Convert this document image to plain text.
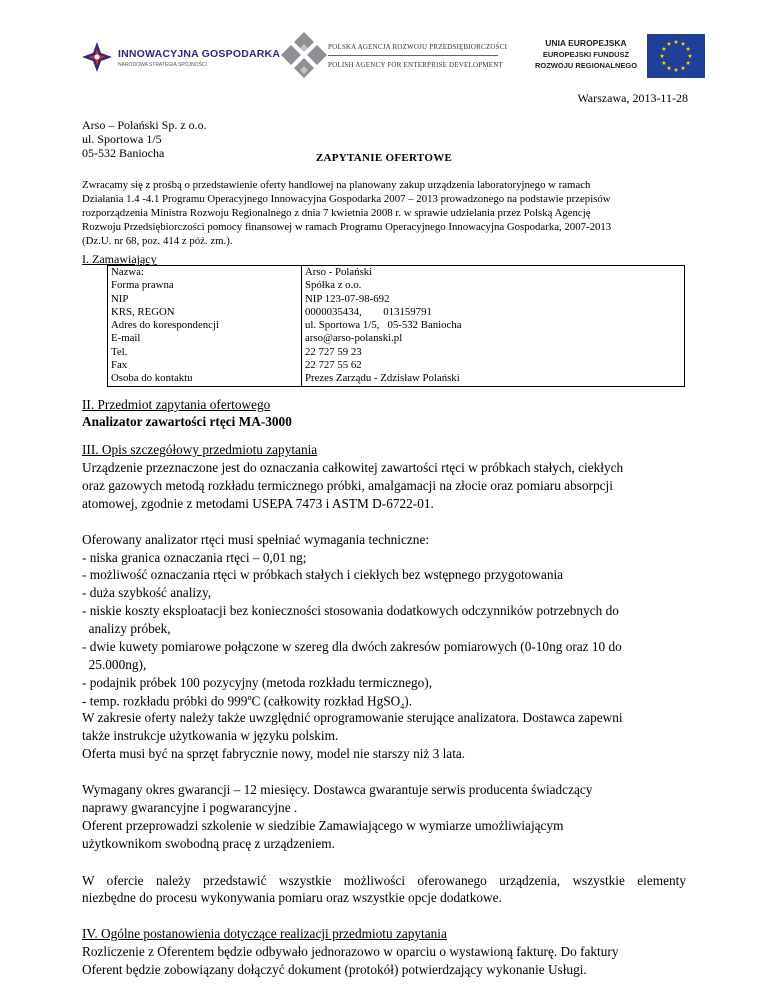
INNOWACYJNA GOSPODARKA
NARODOWA STRATEGIA SPÓJNOŚCI
POLSKA AGENCJA ROZWOJU PRZEDSIĘBIORCZOŚCI
POLISH AGENCY FOR ENTERPRISE DEVELOPMENT
UNIA EUROPEJSKA
EUROPEJSKI FUNDUSZ
ROZWOJU REGIONALNEGO
Warszawa, 2013-11-28
Arso – Polański Sp. z o.o.
ul. Sportowa 1/5
05-532 Baniocha	ZAPYTANIE OFERTOWE
Zwracamy się z prośbą o przedstawienie oferty handlowej na planowany zakup urządzenia laboratoryjnego w ramach
Działania 1.4 -4.1 Programu Operacyjnego Innowacyjna Gospodarka 2007 – 2013 prowadzonego na podstawie przepisów
rozporządzenia Ministra Rozwoju Regionalnego z dnia 7 kwietnia 2008 r. w sprawie udzielania przez Polską Agencję
Rozwoju Przedsiębiorczości pomocy finansowej w ramach Programu Operacyjnego Innowacyjna Gospodarka, 2007-2013
(Dz.U. nr 68, poz. 414 z póź. zm.).
I. Zamawiający
Nazwa:	Arso - Polański
Forma prawna	Spółka z o.o.
NIP	NIP 123-07-98-692
KRS, REGON	0000035434,        013159791
Adres do korespondencji	ul. Sportowa 1/5,   05-532 Baniocha
E-mail	arso@arso-polanski.pl
Tel.	22 727 59 23
Fax	22 727 55 62
Osoba do kontaktu	Prezes Zarządu - Zdzisław Polański
II. Przedmiot zapytania ofertowego
Analizator zawartości rtęci MA-3000
III. Opis szczegółowy przedmiotu zapytania
Urządzenie przeznaczone jest do oznaczania całkowitej zawartości rtęci w próbkach stałych, ciekłych
oraz gazowych metodą rozkładu termicznego próbki, amalgamacji na złocie oraz pomiaru absorpcji
atomowej, zgodnie z metodami USEPA 7473 i ASTM D-6722-01.
Oferowany analizator rtęci musi spełniać wymagania techniczne:
- niska granica oznaczania rtęci – 0,01 ng;
- możliwość oznaczania rtęci w próbkach stałych i ciekłych bez wstępnego przygotowania
- duża szybkość analizy,
- niskie koszty eksploatacji bez konieczności stosowania dodatkowych odczynników potrzebnych do
analizy próbek,
- dwie kuwety pomiarowe połączone w szereg dla dwóch zakresów pomiarowych (0-10ng oraz 10 do
25.000ng),
- podajnik próbek 100 pozycyjny (metoda rozkładu termicznego),
- temp. rozkładu próbki do 999$^o$C (całkowity rozkład HgSO$_4$).
W zakresie oferty należy także uwzględnić oprogramowanie sterujące analizatora. Dostawca zapewni
także instrukcje użytkowania w języku polskim.
Oferta musi być na sprzęt fabrycznie nowy, model nie starszy niż 3 lata.
Wymagany okres gwarancji – 12 miesięcy. Dostawca gwarantuje serwis producenta świadczący
naprawy gwarancyjne i pogwarancyjne .
Oferent przeprowadzi szkolenie w siedzibie Zamawiającego w wymiarze umożliwiającym
użytkownikom swobodną pracę z urządzeniem.
W ofercie należy przedstawić wszystkie możliwości oferowanego urządzenia, wszystkie elementy
niezbędne do procesu wykonywania pomiaru oraz wszystkie opcje dodatkowe.
IV. Ogólne postanowienia dotyczące realizacji przedmiotu zapytania
Rozliczenie z Oferentem będzie odbywało jednorazowo w oparciu o wystawioną fakturę. Do faktury
Oferent będzie zobowiązany dołączyć dokument (protokół) potwierdzający wykonanie Usługi.
